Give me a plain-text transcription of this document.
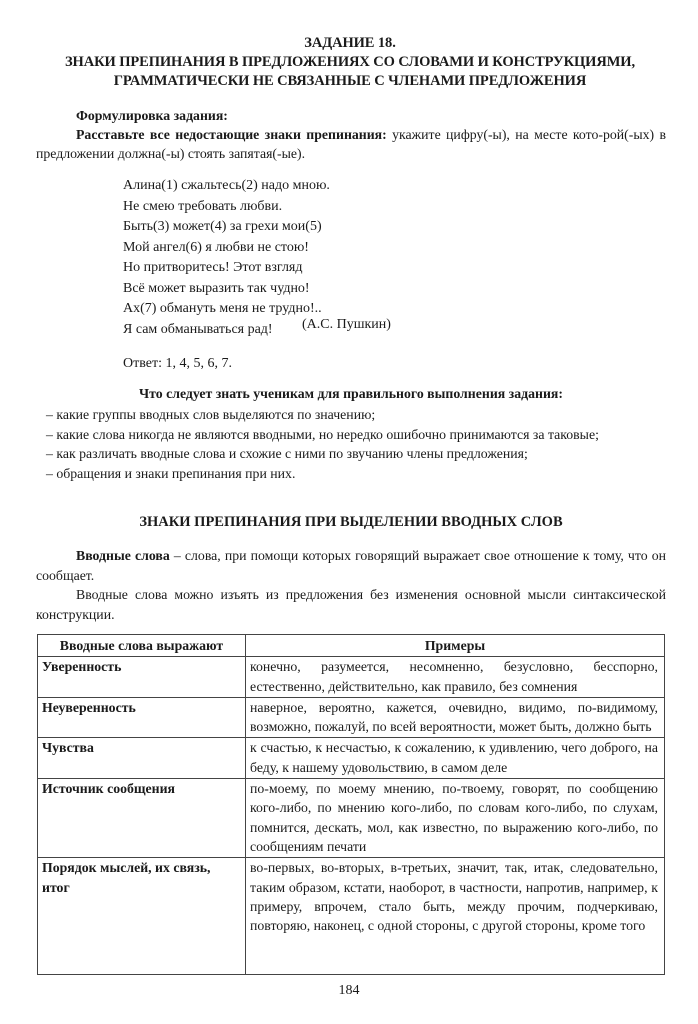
ЗАДАНИЕ 18.
ЗНАКИ ПРЕПИНАНИЯ В ПРЕДЛОЖЕНИЯХ СО СЛОВАМИ И КОНСТРУКЦИЯМИ,
ГРАММАТИЧЕСКИ НЕ СВЯЗАННЫЕ С ЧЛЕНАМИ ПРЕДЛОЖЕНИЯ
Формулировка задания:
Расставьте все недостающие знаки препинания: укажите цифру(-ы), на месте кото-рой(-ых) в предложении должна(-ы) стоять запятая(-ые).
Алина(1) сжальтесь(2) надо мною.
Не смею требовать любви.
Быть(3) может(4) за грехи мои(5)
Мой ангел(6) я любви не стою!
Но притворитесь! Этот взгляд
Всё может выразить так чудно!
Ах(7) обмануть меня не трудно!..
Я сам обманываться рад!	(А.С. Пушкин)
Ответ: 1, 4, 5, 6, 7.
Что следует знать ученикам для правильного выполнения задания:
– какие группы вводных слов выделяются по значению;
– какие слова никогда не являются вводными, но нередко ошибочно принимаются за таковые;
– как различать вводные слова и схожие с ними по звучанию члены предложения;
– обращения и знаки препинания при них.
ЗНАКИ ПРЕПИНАНИЯ ПРИ ВЫДЕЛЕНИИ ВВОДНЫХ СЛОВ
Вводные слова – слова, при помощи которых говорящий выражает свое отношение к тому, что он сообщает.
Вводные слова можно изъять из предложения без изменения основной мысли синтаксической конструкции.
Вводные слова выражают	Примеры
Уверенность	конечно, разумеется, несомненно, безусловно, бесспорно, естественно, действительно, как правило, без сомнения
Неуверенность	наверное, вероятно, кажется, очевидно, видимо, по-видимому, возможно, пожалуй, по всей вероятности, может быть, должно быть
Чувства	к счастью, к несчастью, к сожалению, к удивлению, чего доброго, на беду, к нашему удовольствию, в самом деле
Источник сообщения	по-моему, по моему мнению, по-твоему, говорят, по сообщению кого-либо, по мнению кого-либо, по словам кого-либо, по слухам, помнится, дескать, мол, как известно, по выражению кого-либо, по сообщениям печати
Порядок мыслей, их связь, итог	во-первых, во-вторых, в-третьих, значит, так, итак, следовательно, таким образом, кстати, наоборот, в частности, напротив, например, к примеру, впрочем, стало быть, между прочим, подчеркиваю, повторяю, наконец, с одной стороны, с другой стороны, кроме того
184
